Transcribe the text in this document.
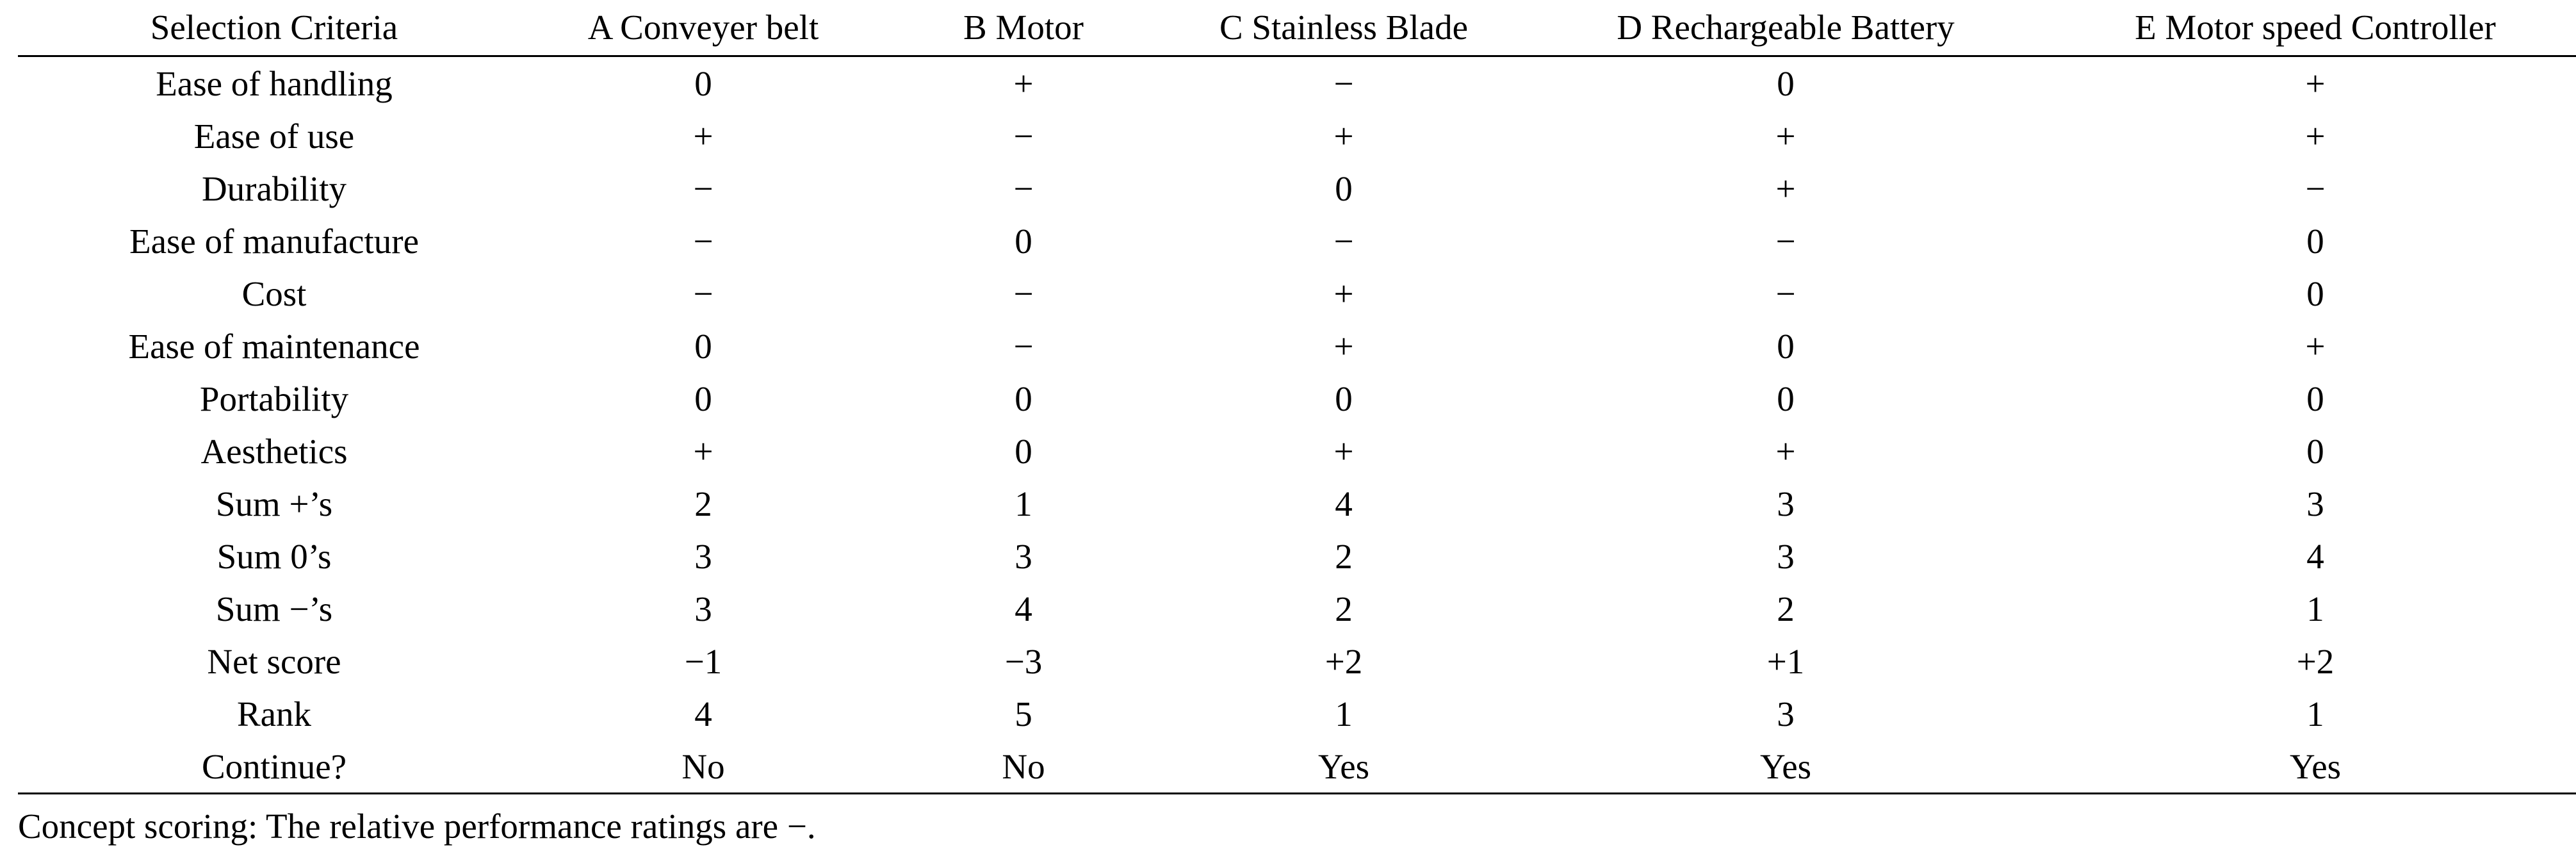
Selection Criteria	A Conveyer belt	B Motor	C Stainless Blade	D Rechargeable Battery	E Motor speed Controller
Ease of handling	0	+	−	0	+
Ease of use	+	−	+	+	+
Durability	−	−	0	+	−
Ease of manufacture	−	0	−	−	0
Cost	−	−	+	−	0
Ease of maintenance	0	−	+	0	+
Portability	0	0	0	0	0
Aesthetics	+	0	+	+	0
Sum +’s	2	1	4	3	3
Sum 0’s	3	3	2	3	4
Sum −’s	3	4	2	2	1
Net score	−1	−3	+2	+1	+2
Rank	4	5	1	3	1
Continue?	No	No	Yes	Yes	Yes
Concept scoring: The relative performance ratings are −.
